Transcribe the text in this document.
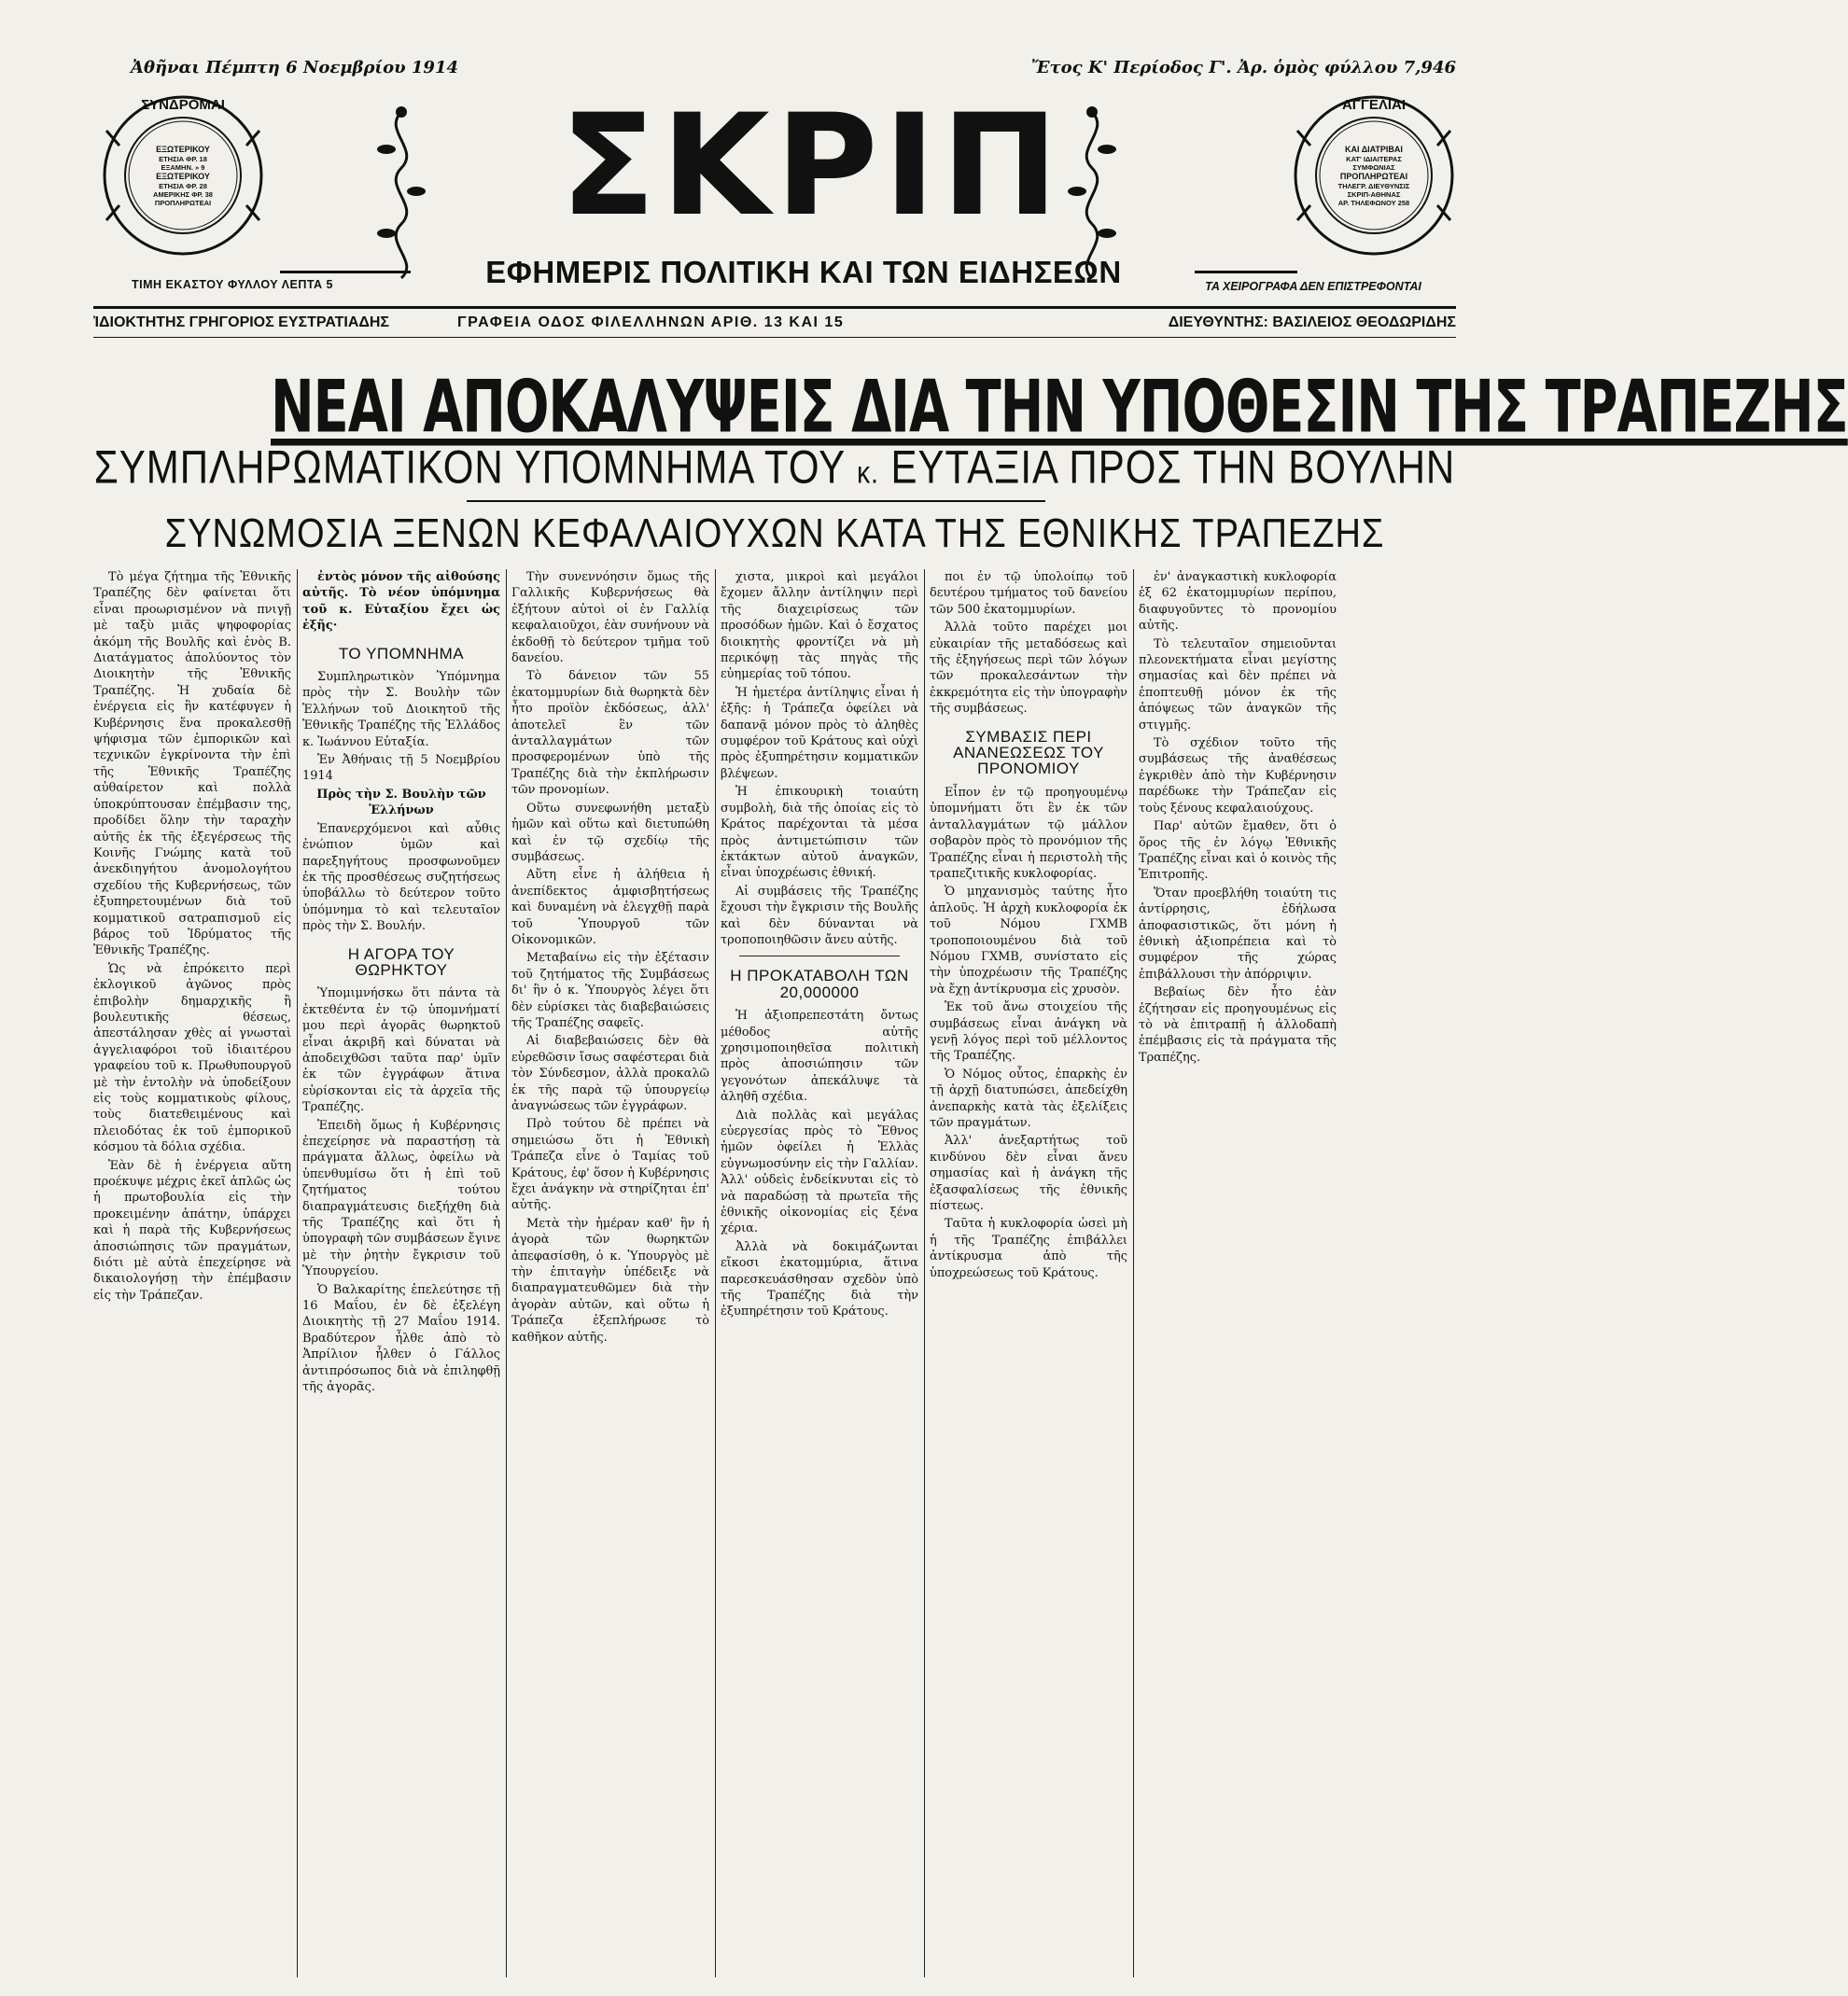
Ἀθῆναι Πέμπτη 6 Νοεμβρίου 1914	Ἔτος Κ' Περίοδος Γ'. Ἀρ. ὁμὸς φύλλου 7,946
ΣΥΝΔΡΟΜΑΙ
ΕΞΩΤΕΡΙΚΟΥ
ΕΤΗΣΙΑ ΦΡ. 18
ΕΞΑΜΗΝ. » 9
ΕΞΩΤΕΡΙΚΟΥ
ΕΤΗΣΙΑ ΦΡ. 28
ΑΜΕΡΙΚΗΣ ΦΡ. 38
ΠΡΟΠΛΗΡΩΤΕΑΙ
ΤΙΜΗ ΕΚΑΣΤΟΥ ΦΥΛΛΟΥ ΛΕΠΤΑ 5
ΣΚΡΙΠ
ΕΦΗΜΕΡΙΣ ΠΟΛΙΤΙΚΗ ΚΑΙ ΤΩΝ ΕΙΔΗΣΕΩΝ
ΑΓΓΕΛΙΑΙ
ΚΑΙ ΔΙΑΤΡΙΒΑΙ
ΚΑΤ' ΙΔΙΑΙΤΕΡΑΣ
ΣΥΜΦΩΝΙΑΣ
ΠΡΟΠΛΗΡΩΤΕΑΙ
ΤΗΛΕΓΡ. ΔΙΕΥΘΥΝΣΙΣ
ΣΚΡΙΠ-ΑΘΗΝΑΣ
ΑΡ. ΤΗΛΕΦΩΝΟΥ 258
ΤΑ ΧΕΙΡΟΓΡΑΦΑ ΔΕΝ ΕΠΙΣΤΡΕΦΟΝΤΑΙ
ἸΔΙΟΚΤΗΤΗΣ ΓΡΗΓΟΡΙΟΣ ΕΥΣΤΡΑΤΙΑΔΗΣ	ΓΡΑΦΕΙΑ ΟΔΟΣ ΦΙΛΕΛΛΗΝΩΝ ΑΡΙΘ. 13 ΚΑΙ 15	ΔΙΕΥΘΥΝΤΗΣ: ΒΑΣΙΛΕΙΟΣ ΘΕΟΔΩΡΙΔΗΣ
ΝΕΑΙ ΑΠΟΚΑΛΥΨΕΙΣ ΔΙΑ ΤΗΝ ΥΠΟΘΕΣΙΝ ΤΗΣ ΤΡΑΠΕΖΗΣ
ΣΥΜΠΛΗΡΩΜΑΤΙΚΟΝ ΥΠΟΜΝΗΜΑ ΤΟΥ κ. ΕΥΤΑΞΙΑ ΠΡΟΣ ΤΗΝ ΒΟΥΛΗΝ
ΣΥΝΩΜΟΣΙΑ ΞΕΝΩΝ ΚΕΦΑΛΑΙΟΥΧΩΝ ΚΑΤΑ ΤΗΣ ΕΘΝΙΚΗΣ ΤΡΑΠΕΖΗΣ

Τὸ μέγα ζήτημα τῆς Ἐθνικῆς Τραπέζης δὲν φαίνεται ὅτι εἶναι προωρισμένον νὰ πνιγῇ μὲ ταξὺ μιᾶς ψηφοφορίας ἀκόμη τῆς Βουλῆς καὶ ἑνὸς Β. Διατάγματος ἀπολύοντος τὸν Διοικητὴν τῆς Ἐθνικῆς Τραπέζης. Ἡ χυδαία δὲ ἐνέργεια εἰς ἣν κατέφυγεν ἡ Κυβέρνησις ἕνα προκαλεσθῇ ψήφισμα τῶν ἐμπορικῶν καὶ τεχνικῶν ἐγκρίνοντα τὴν ἐπὶ τῆς Ἐθνικῆς Τραπέζης αὐθαίρετον καὶ πολλὰ ὑποκρύπτουσαν ἐπέμβασιν της, προδίδει ὅλην τὴν ταραχὴν αὐτῆς ἐκ τῆς ἐξεγέρσεως τῆς Κοινῆς Γνώμης κατὰ τοῦ ἀνεκδιηγήτου ἀνομολογήτου σχεδίου τῆς Κυβερνήσεως, τῶν ἐξυπηρετουμένων διὰ τοῦ κομματικοῦ σατραπισμοῦ εἰς βάρος τοῦ Ἱδρύματος τῆς Ἐθνικῆς Τραπέζης.

Ὡς νὰ ἐπρόκειτο περὶ ἐκλογικοῦ ἀγῶνος πρὸς ἐπιβολὴν δημαρχικῆς ἢ βουλευτικῆς θέσεως, ἀπεστάλησαν χθὲς αἱ γνωσταὶ ἀγγελιαφόροι τοῦ ἰδιαιτέρου γραφείου τοῦ κ. Πρωθυπουργοῦ μὲ τὴν ἐντολὴν νὰ ὑποδείξουν εἰς τοὺς κομματικοὺς φίλους, τοὺς διατεθειμένους καὶ πλειοδότας ἐκ τοῦ ἐμπορικοῦ κόσμου τὰ δόλια σχέδια.

Ἐὰν δὲ ἡ ἐνέργεια αὕτη προέκυψε μέχρις ἐκεῖ ἁπλῶς ὡς ἡ πρωτοβουλία εἰς τὴν προκειμένην ἀπάτην, ὑπάρχει καὶ ἡ παρὰ τῆς Κυβερνήσεως ἀποσιώπησις τῶν πραγμάτων, διότι μὲ αὐτὰ ἐπεχείρησε νὰ δικαιολογήσῃ τὴν ἐπέμβασιν εἰς τὴν Τράπεζαν.

ἐντὸς μόνον τῆς αἰθούσης αὐτῆς. Τὸ νέον ὑπόμνημα τοῦ κ. Εὐταξίου ἔχει ὡς ἑξῆς·

ΤΟ ΥΠΟΜΝΗΜΑ

Συμπληρωτικὸν Ὑπόμνημα πρὸς τὴν Σ. Βουλὴν τῶν Ἑλλήνων τοῦ Διοικητοῦ τῆς Ἐθνικῆς Τραπέζης τῆς Ἑλλάδος κ. Ἰωάννου Εὐταξία.

Ἐν Ἀθήναις τῇ 5 Νοεμβρίου 1914

Πρὸς τὴν Σ. Βουλὴν τῶν Ἑλλήνων

Ἐπανερχόμενοι καὶ αὖθις ἐνώπιον ὑμῶν καὶ παρεξηγήτους προσφωνοῦμεν ἐκ τῆς προσθέσεως συζητήσεως ὑποβάλλω τὸ δεύτερον τοῦτο ὑπόμνημα τὸ καὶ τελευταῖον πρὸς τὴν Σ. Βουλήν.

Η ΑΓΟΡΑ ΤΟΥ ΘΩΡΗΚΤΟΥ

Ὑπομιμνήσκω ὅτι πάντα τὰ ἐκτεθέντα ἐν τῷ ὑπομνήματί μου περὶ ἀγορᾶς θωρηκτοῦ εἶναι ἀκριβῆ καὶ δύναται νὰ ἀποδειχθῶσι ταῦτα παρ' ὑμῖν ἐκ τῶν ἐγγράφων ἅτινα εὑρίσκονται εἰς τὰ ἀρχεῖα τῆς Τραπέζης.

Ἐπειδὴ ὅμως ἡ Κυβέρνησις ἐπεχείρησε νὰ παραστήσῃ τὰ πράγματα ἄλλως, ὀφείλω νὰ ὑπενθυμίσω ὅτι ἡ ἐπὶ τοῦ ζητήματος τούτου διαπραγμάτευσις διεξήχθη διὰ τῆς Τραπέζης καὶ ὅτι ἡ ὑπογραφὴ τῶν συμβάσεων ἔγινε μὲ τὴν ῥητὴν ἔγκρισιν τοῦ Ὑπουργείου.

Ὁ Βαλκαρίτης ἐπελεύτησε τῇ 16 Μαΐου, ἐν δὲ ἐξελέγη Διοικητὴς τῇ 27 Μαΐου 1914. Βραδύτερον ἦλθε ἀπὸ τὸ Ἀπρίλιον ἦλθεν ὁ Γάλλος ἀντιπρόσωπος διὰ νὰ ἐπιληφθῇ τῆς ἀγορᾶς.

Τὴν συνεννόησιν ὅμως τῆς Γαλλικῆς Κυβερνήσεως θὰ ἐξήτουν αὐτοὶ οἱ ἐν Γαλλίᾳ κεφαλαιοῦχοι, ἐὰν συνήνουν νὰ ἐκδοθῇ τὸ δεύτερον τμῆμα τοῦ δανείου.

Τὸ δάνειον τῶν 55 ἑκατομμυρίων διὰ θωρηκτὰ δὲν ἦτο προϊὸν ἐκδόσεως, ἀλλ' ἀποτελεῖ ἓν τῶν ἀνταλλαγμάτων τῶν προσφερομένων ὑπὸ τῆς Τραπέζης διὰ τὴν ἐκπλήρωσιν τῶν προνομίων.

Οὕτω συνεφωνήθη μεταξὺ ἡμῶν καὶ οὕτω καὶ διετυπώθη καὶ ἐν τῷ σχεδίῳ τῆς συμβάσεως.

Αὕτη εἶνε ἡ ἀλήθεια ἡ ἀνεπίδεκτος ἀμφισβητήσεως καὶ δυναμένη νὰ ἐλεγχθῇ παρὰ τοῦ Ὑπουργοῦ τῶν Οἰκονομικῶν.

Μεταβαίνω εἰς τὴν ἐξέτασιν τοῦ ζητήματος τῆς Συμβάσεως δι' ἣν ὁ κ. Ὑπουργὸς λέγει ὅτι δὲν εὑρίσκει τὰς διαβεβαιώσεις τῆς Τραπέζης σαφεῖς.

Αἱ διαβεβαιώσεις δὲν θὰ εὑρεθῶσιν ἴσως σαφέστεραι διὰ τὸν Σύνδεσμον, ἀλλὰ προκαλῶ ἐκ τῆς παρὰ τῷ ὑπουργείῳ ἀναγνώσεως τῶν ἐγγράφων.

Πρὸ τούτου δὲ πρέπει νὰ σημειώσω ὅτι ἡ Ἐθνικὴ Τράπεζα εἶνε ὁ Ταμίας τοῦ Κράτους, ἐφ' ὅσον ἡ Κυβέρνησις ἔχει ἀνάγκην νὰ στηρίζηται ἐπ' αὐτῆς.

Μετὰ τὴν ἡμέραν καθ' ἣν ἡ ἀγορὰ τῶν θωρηκτῶν ἀπεφασίσθη, ὁ κ. Ὑπουργὸς μὲ τὴν ἐπιταγὴν ὑπέδειξε νὰ διαπραγματευθῶμεν διὰ τὴν ἀγορὰν αὐτῶν, καὶ οὕτω ἡ Τράπεζα ἐξεπλήρωσε τὸ καθῆκον αὐτῆς.

χιστα, μικροὶ καὶ μεγάλοι ἔχομεν ἄλλην ἀντίληψιν περὶ τῆς διαχειρίσεως τῶν προσόδων ἡμῶν. Καὶ ὁ ἔσχατος διοικητὴς φροντίζει νὰ μὴ περικόψῃ τὰς πηγὰς τῆς εὐημερίας τοῦ τόπου.

Ἡ ἡμετέρα ἀντίληψις εἶναι ἡ ἐξῆς: ἡ Τράπεζα ὀφείλει νὰ δαπανᾷ μόνον πρὸς τὸ ἀληθὲς συμφέρον τοῦ Κράτους καὶ οὐχὶ πρὸς ἐξυπηρέτησιν κομματικῶν βλέψεων.

Ἡ ἐπικουρικὴ τοιαύτη συμβολὴ, διὰ τῆς ὁποίας εἰς τὸ Κράτος παρέχονται τὰ μέσα πρὸς ἀντιμετώπισιν τῶν ἐκτάκτων αὐτοῦ ἀναγκῶν, εἶναι ὑποχρέωσις ἐθνική.

Αἱ συμβάσεις τῆς Τραπέζης ἔχουσι τὴν ἔγκρισιν τῆς Βουλῆς καὶ δὲν δύνανται νὰ τροποποιηθῶσιν ἄνευ αὐτῆς.

Η ΠΡΟΚΑΤΑΒΟΛΗ ΤΩΝ 20,000000

Ἠ ἀξιοπρεπεστάτη ὄντως μέθοδος αὐτῆς χρησιμοποιηθεῖσα πολιτικὴ πρὸς ἀποσιώπησιν τῶν γεγονότων ἀπεκάλυψε τὰ ἀληθῆ σχέδια.

Διὰ πολλὰς καὶ μεγάλας εὐεργεσίας πρὸς τὸ Ἔθνος ἡμῶν ὀφείλει ἡ Ἑλλὰς εὐγνωμοσύνην εἰς τὴν Γαλλίαν. Ἀλλ' οὐδεὶς ἐνδείκνυται εἰς τὸ νὰ παραδώσῃ τὰ πρωτεῖα τῆς ἐθνικῆς οἰκονομίας εἰς ξένα χέρια.

Ἀλλὰ νὰ δοκιμάζωνται εἴκοσι ἑκατομμύρια, ἅτινα παρεσκευάσθησαν σχεδὸν ὑπὸ τῆς Τραπέζης διὰ τὴν ἐξυπηρέτησιν τοῦ Κράτους.

ποι ἐν τῷ ὑπολοίπῳ τοῦ δευτέρου τμήματος τοῦ δανείου τῶν 500 ἑκατομμυρίων.

Ἀλλὰ τοῦτο παρέχει μοι εὐκαιρίαν τῆς μεταδόσεως καὶ τῆς ἐξηγήσεως περὶ τῶν λόγων τῶν προκαλεσάντων τὴν ἐκκρεμότητα εἰς τὴν ὑπογραφὴν τῆς συμβάσεως.

ΣΥΜΒΑΣΙΣ ΠΕΡΙ ΑΝΑΝΕΩΣΕΩΣ ΤΟΥ ΠΡΟΝΟΜΙΟΥ

Εἶπον ἐν τῷ προηγουμένῳ ὑπομνήματι ὅτι ἓν ἐκ τῶν ἀνταλλαγμάτων τῷ μάλλον σοβαρὸν πρὸς τὸ προνόμιον τῆς Τραπέζης εἶναι ἡ περιστολὴ τῆς τραπεζιτικῆς κυκλοφορίας.

Ὁ μηχανισμὸς ταύτης ἦτο ἁπλοῦς. Ἡ ἀρχὴ κυκλοφορία ἐκ τοῦ Νόμου ΓΧΜΒ τροποποιουμένου διὰ τοῦ Νόμου ΓΧΜΒ, συνίστατο εἰς τὴν ὑποχρέωσιν τῆς Τραπέζης νὰ ἔχῃ ἀντίκρυσμα εἰς χρυσὸν.

Ἐκ τοῦ ἄνω στοιχείου τῆς συμβάσεως εἶναι ἀνάγκη νὰ γενῇ λόγος περὶ τοῦ μέλλοντος τῆς Τραπέζης.

Ὁ Νόμος οὗτος, ἐπαρκὴς ἐν τῇ ἀρχῇ διατυπώσει, ἀπεδείχθη ἀνεπαρκὴς κατὰ τὰς ἐξελίξεις τῶν πραγμάτων.

Ἀλλ' ἀνεξαρτήτως τοῦ κινδύνου δὲν εἶναι ἄνευ σημασίας καὶ ἡ ἀνάγκη τῆς ἐξασφαλίσεως τῆς ἐθνικῆς πίστεως.

Ταῦτα ἡ κυκλοφορία ὡσεὶ μὴ ἡ τῆς Τραπέζης ἐπιβάλλει ἀντίκρυσμα ἀπὸ τῆς ὑποχρεώσεως τοῦ Κράτους.

ἐν' ἀναγκαστικὴ κυκλοφορία ἐξ 62 ἑκατομμυρίων περίπου, διαφυγοῦντες τὸ προνομίου αὐτῆς.

Τὸ τελευταῖον σημειοῦνται πλεονεκτήματα εἶναι μεγίστης σημασίας καὶ δὲν πρέπει νὰ ἐποπτευθῇ μόνον ἐκ τῆς ἀπόψεως τῶν ἀναγκῶν τῆς στιγμῆς.

Τὸ σχέδιον τοῦτο τῆς συμβάσεως τῆς ἀναθέσεως ἐγκριθὲν ἀπὸ τὴν Κυβέρνησιν παρέδωκε τὴν Τράπεζαν εἰς τοὺς ξένους κεφαλαιούχους.

Παρ' αὐτῶν ἔμαθεν, ὅτι ὁ ὅρος τῆς ἐν λόγῳ Ἐθνικῆς Τραπέζης εἶναι καὶ ὁ κοινὸς τῆς Ἐπιτροπῆς.

Ὅταν προεβλήθη τοιαύτη τις ἀντίρρησις, ἐδήλωσα ἀποφασιστικῶς, ὅτι μόνη ἡ ἐθνικὴ ἀξιοπρέπεια καὶ τὸ συμφέρον τῆς χώρας ἐπιβάλλουσι τὴν ἀπόρριψιν.

Βεβαίως δὲν ἦτο ἐὰν ἐζήτησαν εἰς προηγουμένως εἰς τὸ νὰ ἐπιτραπῇ ἡ ἀλλοδαπὴ ἐπέμβασις εἰς τὰ πράγματα τῆς Τραπέζης.
